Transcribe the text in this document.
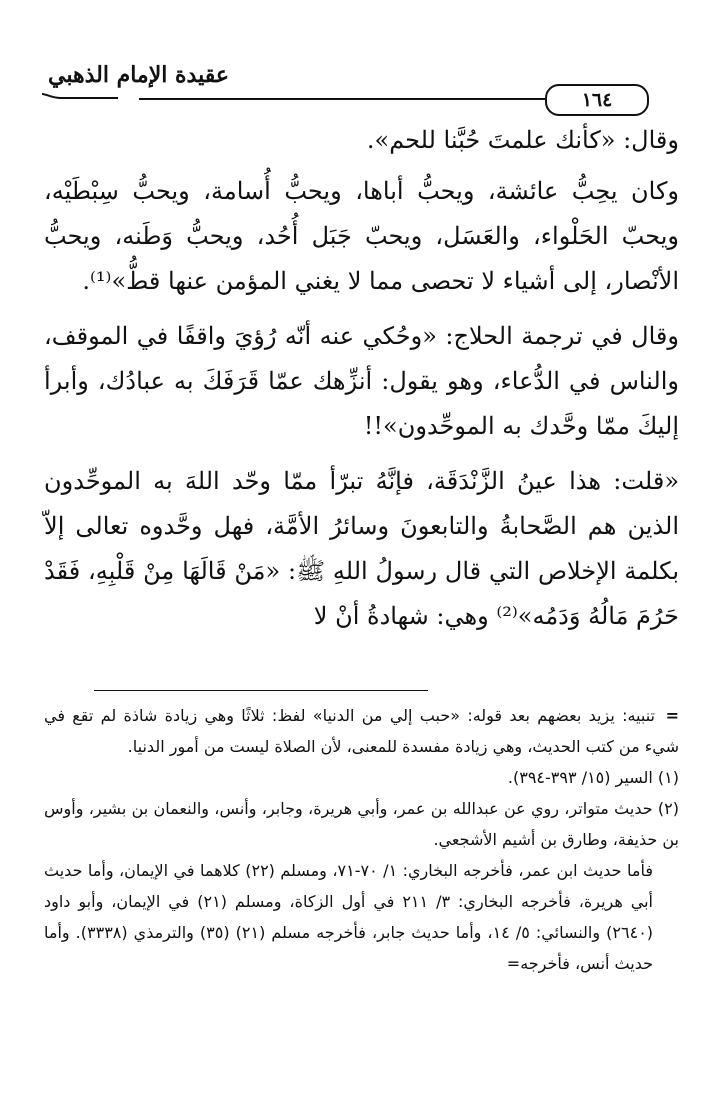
عقيدة الإمام الذهبي
١٦٤

وقال: «كأنك علمتَ حُبَّنا للحم».

وكان يحِبُّ عائشة، ويحبُّ أباها، ويحبُّ أُسامة، ويحبُّ سِبْطَيْه، ويحبّ الحَلْواء، والعَسَل، ويحبّ جَبَل أُحُد، ويحبُّ وَطَنه، ويحبُّ الأنْصار، إلى أشياء لا تحصى مما لا يغني المؤمن عنها قطُّ»⁽¹⁾.

وقال في ترجمة الحلاج: «وحُكي عنه أنّه رُؤيَ واقفًا في الموقف، والناس في الدُّعاء، وهو يقول: أنزِّهك عمّا قَرَفَكَ به عبادُك، وأبرأ إليكَ ممّا وحَّدك به الموحِّدون»!!

«قلت: هذا عينُ الزَّنْدَقَة، فإنَّهُ تبرّأ ممّا وحّد اللهَ به الموحِّدون الذين هم الصَّحابةُ والتابعونَ وسائرُ الأمَّة، فهل وحَّدوه تعالى إلاّ بكلمة الإخلاص التي قال رسولُ اللهِ ﷺ: «مَنْ قَالَهَا مِنْ قَلْبِهِ، فَقَدْ حَرُمَ مَالُهُ وَدَمُه»⁽²⁾ وهي: شهادةُ أنْ لا

=
تنبيه: يزيد بعضهم بعد قوله: «حبب إلي من الدنيا» لفظ: ثلاثًا وهي زيادة شاذة لم تقع في شيء من كتب الحديث، وهي زيادة مفسدة للمعنى، لأن الصلاة ليست من أمور الدنيا.

(١) السير (١٥/ ٣٩٣-٣٩٤).

(٢) حديث متواتر، روي عن عبدالله بن عمر، وأبي هريرة، وجابر، وأنس، والنعمان بن بشير، وأوس بن حذيفة، وطارق بن أشيم الأشجعي.

فأما حديث ابن عمر، فأخرجه البخاري: ١/ ٧٠-٧١، ومسلم (٢٢) كلاهما في الإيمان، وأما حديث أبي هريرة، فأخرجه البخاري: ٣/ ٢١١ في أول الزكاة، ومسلم (٢١) في الإيمان، وأبو داود (٢٦٤٠) والنسائي: ٥/ ١٤، وأما حديث جابر، فأخرجه مسلم (٢١) (٣٥) والترمذي (٣٣٣٨). وأما حديث أنس، فأخرجه=
